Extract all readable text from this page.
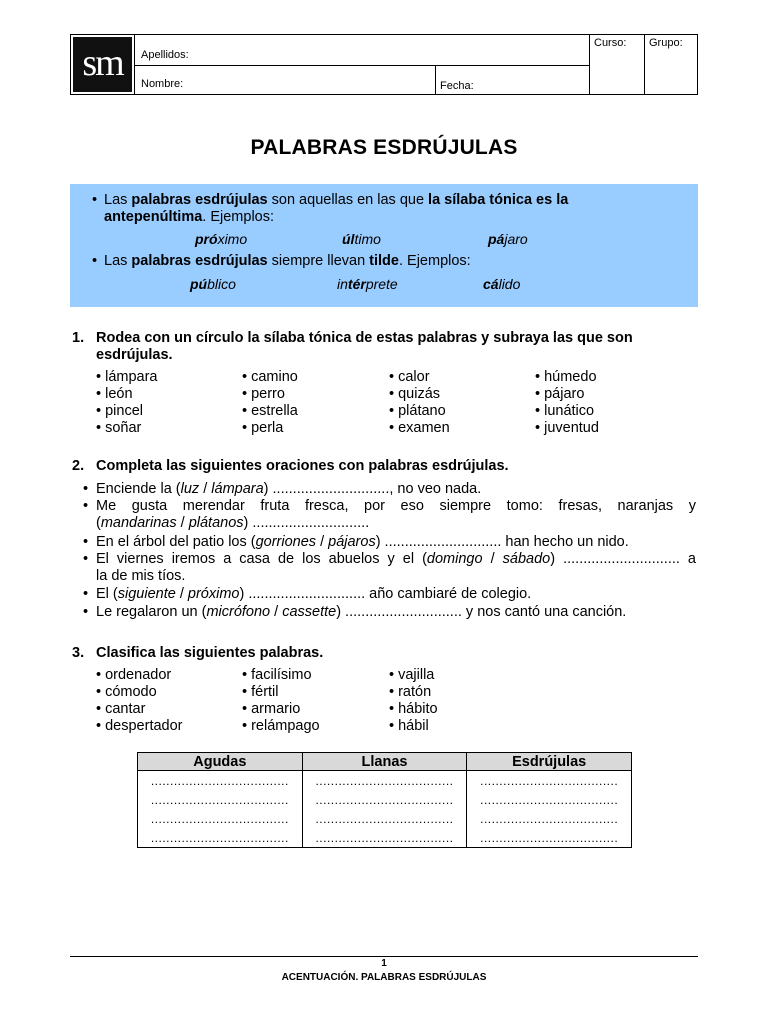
sm	Apellidos:
Nombre:	Fecha:
Curso: Grupo:
PALABRAS ESDRÚJULAS
• Las palabras esdrújulas son aquellas en las que la sílaba tónica es la
antepenúltima. Ejemplos:
próximo	último	pájaro
• Las palabras esdrújulas siempre llevan tilde. Ejemplos:
público	intérprete	cálido
1. Rodea con un círculo la sílaba tónica de estas palabras y subraya las que son esdrújulas.
• lámpara
• león
• pincel
• soñar
• camino
• perro
• estrella
• perla
• calor
• quizás
• plátano
• examen
• húmedo
• pájaro
• lunático
• juventud
2. Completa las siguientes oraciones con palabras esdrújulas.
• Enciende la (luz / lámpara) ............................., no veo nada.
• Me gusta merendar fruta fresca, por eso siempre tomo: fresas, naranjas y
(mandarinas / plátanos) .............................
• En el árbol del patio los (gorriones / pájaros) ............................. han hecho un nido.
• El viernes iremos a casa de los abuelos y el (domingo / sábado) ............................. a
la de mis tíos.
• El (siguiente / próximo) ............................. año cambiaré de colegio.
• Le regalaron un (micrófono / cassette) ............................. y nos cantó una canción.
3. Clasifica las siguientes palabras.
• ordenador
• cómodo
• cantar
• despertador
• facilísimo
• fértil
• armario
• relámpago
• vajilla
• ratón
• hábito
• hábil
Agudas	Llanas	Esdrújulas
....................................	....................................	....................................
....................................	....................................	....................................
....................................	....................................	....................................
....................................	....................................	....................................
1
ACENTUACIÓN. PALABRAS ESDRÚJULAS
